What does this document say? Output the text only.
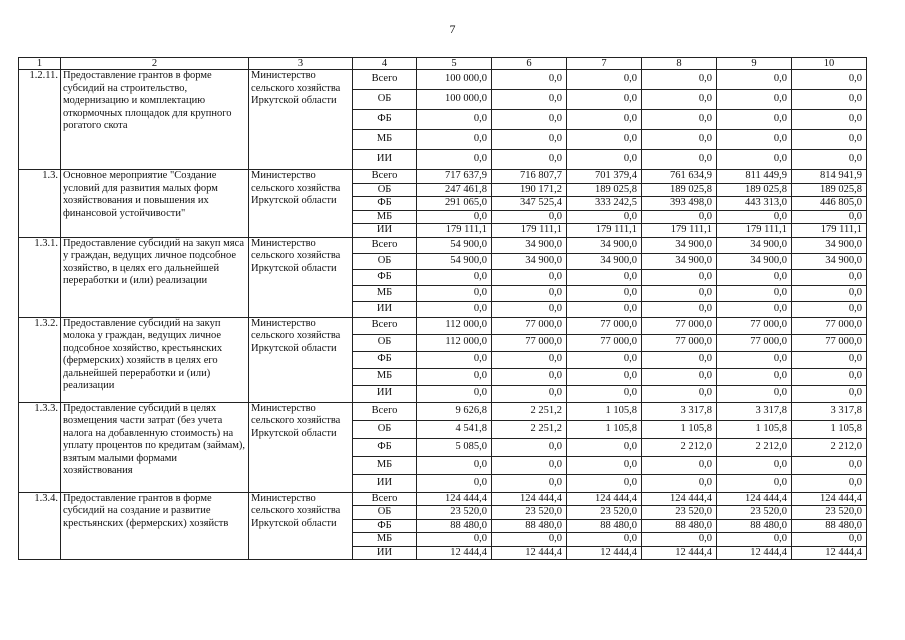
7
1	2	3	4	5	6	7	8	9	10
1.2.11.	Предоставление грантов в форме субсидий на строительство, модернизацию и комплектацию откормочных площадок для крупного рогатого скота	Министерство сельского хозяйства Иркутской области	Всего	100 000,0	0,0	0,0	0,0	0,0	0,0
			ОБ	100 000,0	0,0	0,0	0,0	0,0	0,0
			ФБ	0,0	0,0	0,0	0,0	0,0	0,0
			МБ	0,0	0,0	0,0	0,0	0,0	0,0
			ИИ	0,0	0,0	0,0	0,0	0,0	0,0
1.3.	Основное мероприятие "Создание условий для развития малых форм хозяйствования и повышения их финансовой устойчивости"	Министерство сельского хозяйства Иркутской области	Всего	717 637,9	716 807,7	701 379,4	761 634,9	811 449,9	814 941,9
			ОБ	247 461,8	190 171,2	189 025,8	189 025,8	189 025,8	189 025,8
			ФБ	291 065,0	347 525,4	333 242,5	393 498,0	443 313,0	446 805,0
			МБ	0,0	0,0	0,0	0,0	0,0	0,0
			ИИ	179 111,1	179 111,1	179 111,1	179 111,1	179 111,1	179 111,1
1.3.1.	Предоставление субсидий на закуп мяса у граждан, ведущих личное подсобное хозяйство, в целях его дальнейшей переработки и (или) реализации	Министерство сельского хозяйства Иркутской области	Всего	54 900,0	34 900,0	34 900,0	34 900,0	34 900,0	34 900,0
			ОБ	54 900,0	34 900,0	34 900,0	34 900,0	34 900,0	34 900,0
			ФБ	0,0	0,0	0,0	0,0	0,0	0,0
			МБ	0,0	0,0	0,0	0,0	0,0	0,0
			ИИ	0,0	0,0	0,0	0,0	0,0	0,0
1.3.2.	Предоставление субсидий на закуп молока у граждан, ведущих личное подсобное хозяйство, крестьянских (фермерских) хозяйств в целях его дальнейшей переработки и (или) реализации	Министерство сельского хозяйства Иркутской области	Всего	112 000,0	77 000,0	77 000,0	77 000,0	77 000,0	77 000,0
			ОБ	112 000,0	77 000,0	77 000,0	77 000,0	77 000,0	77 000,0
			ФБ	0,0	0,0	0,0	0,0	0,0	0,0
			МБ	0,0	0,0	0,0	0,0	0,0	0,0
			ИИ	0,0	0,0	0,0	0,0	0,0	0,0
1.3.3.	Предоставление субсидий в целях возмещения части затрат (без учета налога на добавленную стоимость) на уплату процентов по кредитам (займам), взятым малыми формами хозяйствования	Министерство сельского хозяйства Иркутской области	Всего	9 626,8	2 251,2	1 105,8	3 317,8	3 317,8	3 317,8
			ОБ	4 541,8	2 251,2	1 105,8	1 105,8	1 105,8	1 105,8
			ФБ	5 085,0	0,0	0,0	2 212,0	2 212,0	2 212,0
			МБ	0,0	0,0	0,0	0,0	0,0	0,0
			ИИ	0,0	0,0	0,0	0,0	0,0	0,0
1.3.4.	Предоставление грантов в форме субсидий на создание и развитие крестьянских (фермерских) хозяйств	Министерство сельского хозяйства Иркутской области	Всего	124 444,4	124 444,4	124 444,4	124 444,4	124 444,4	124 444,4
			ОБ	23 520,0	23 520,0	23 520,0	23 520,0	23 520,0	23 520,0
			ФБ	88 480,0	88 480,0	88 480,0	88 480,0	88 480,0	88 480,0
			МБ	0,0	0,0	0,0	0,0	0,0	0,0
			ИИ	12 444,4	12 444,4	12 444,4	12 444,4	12 444,4	12 444,4
